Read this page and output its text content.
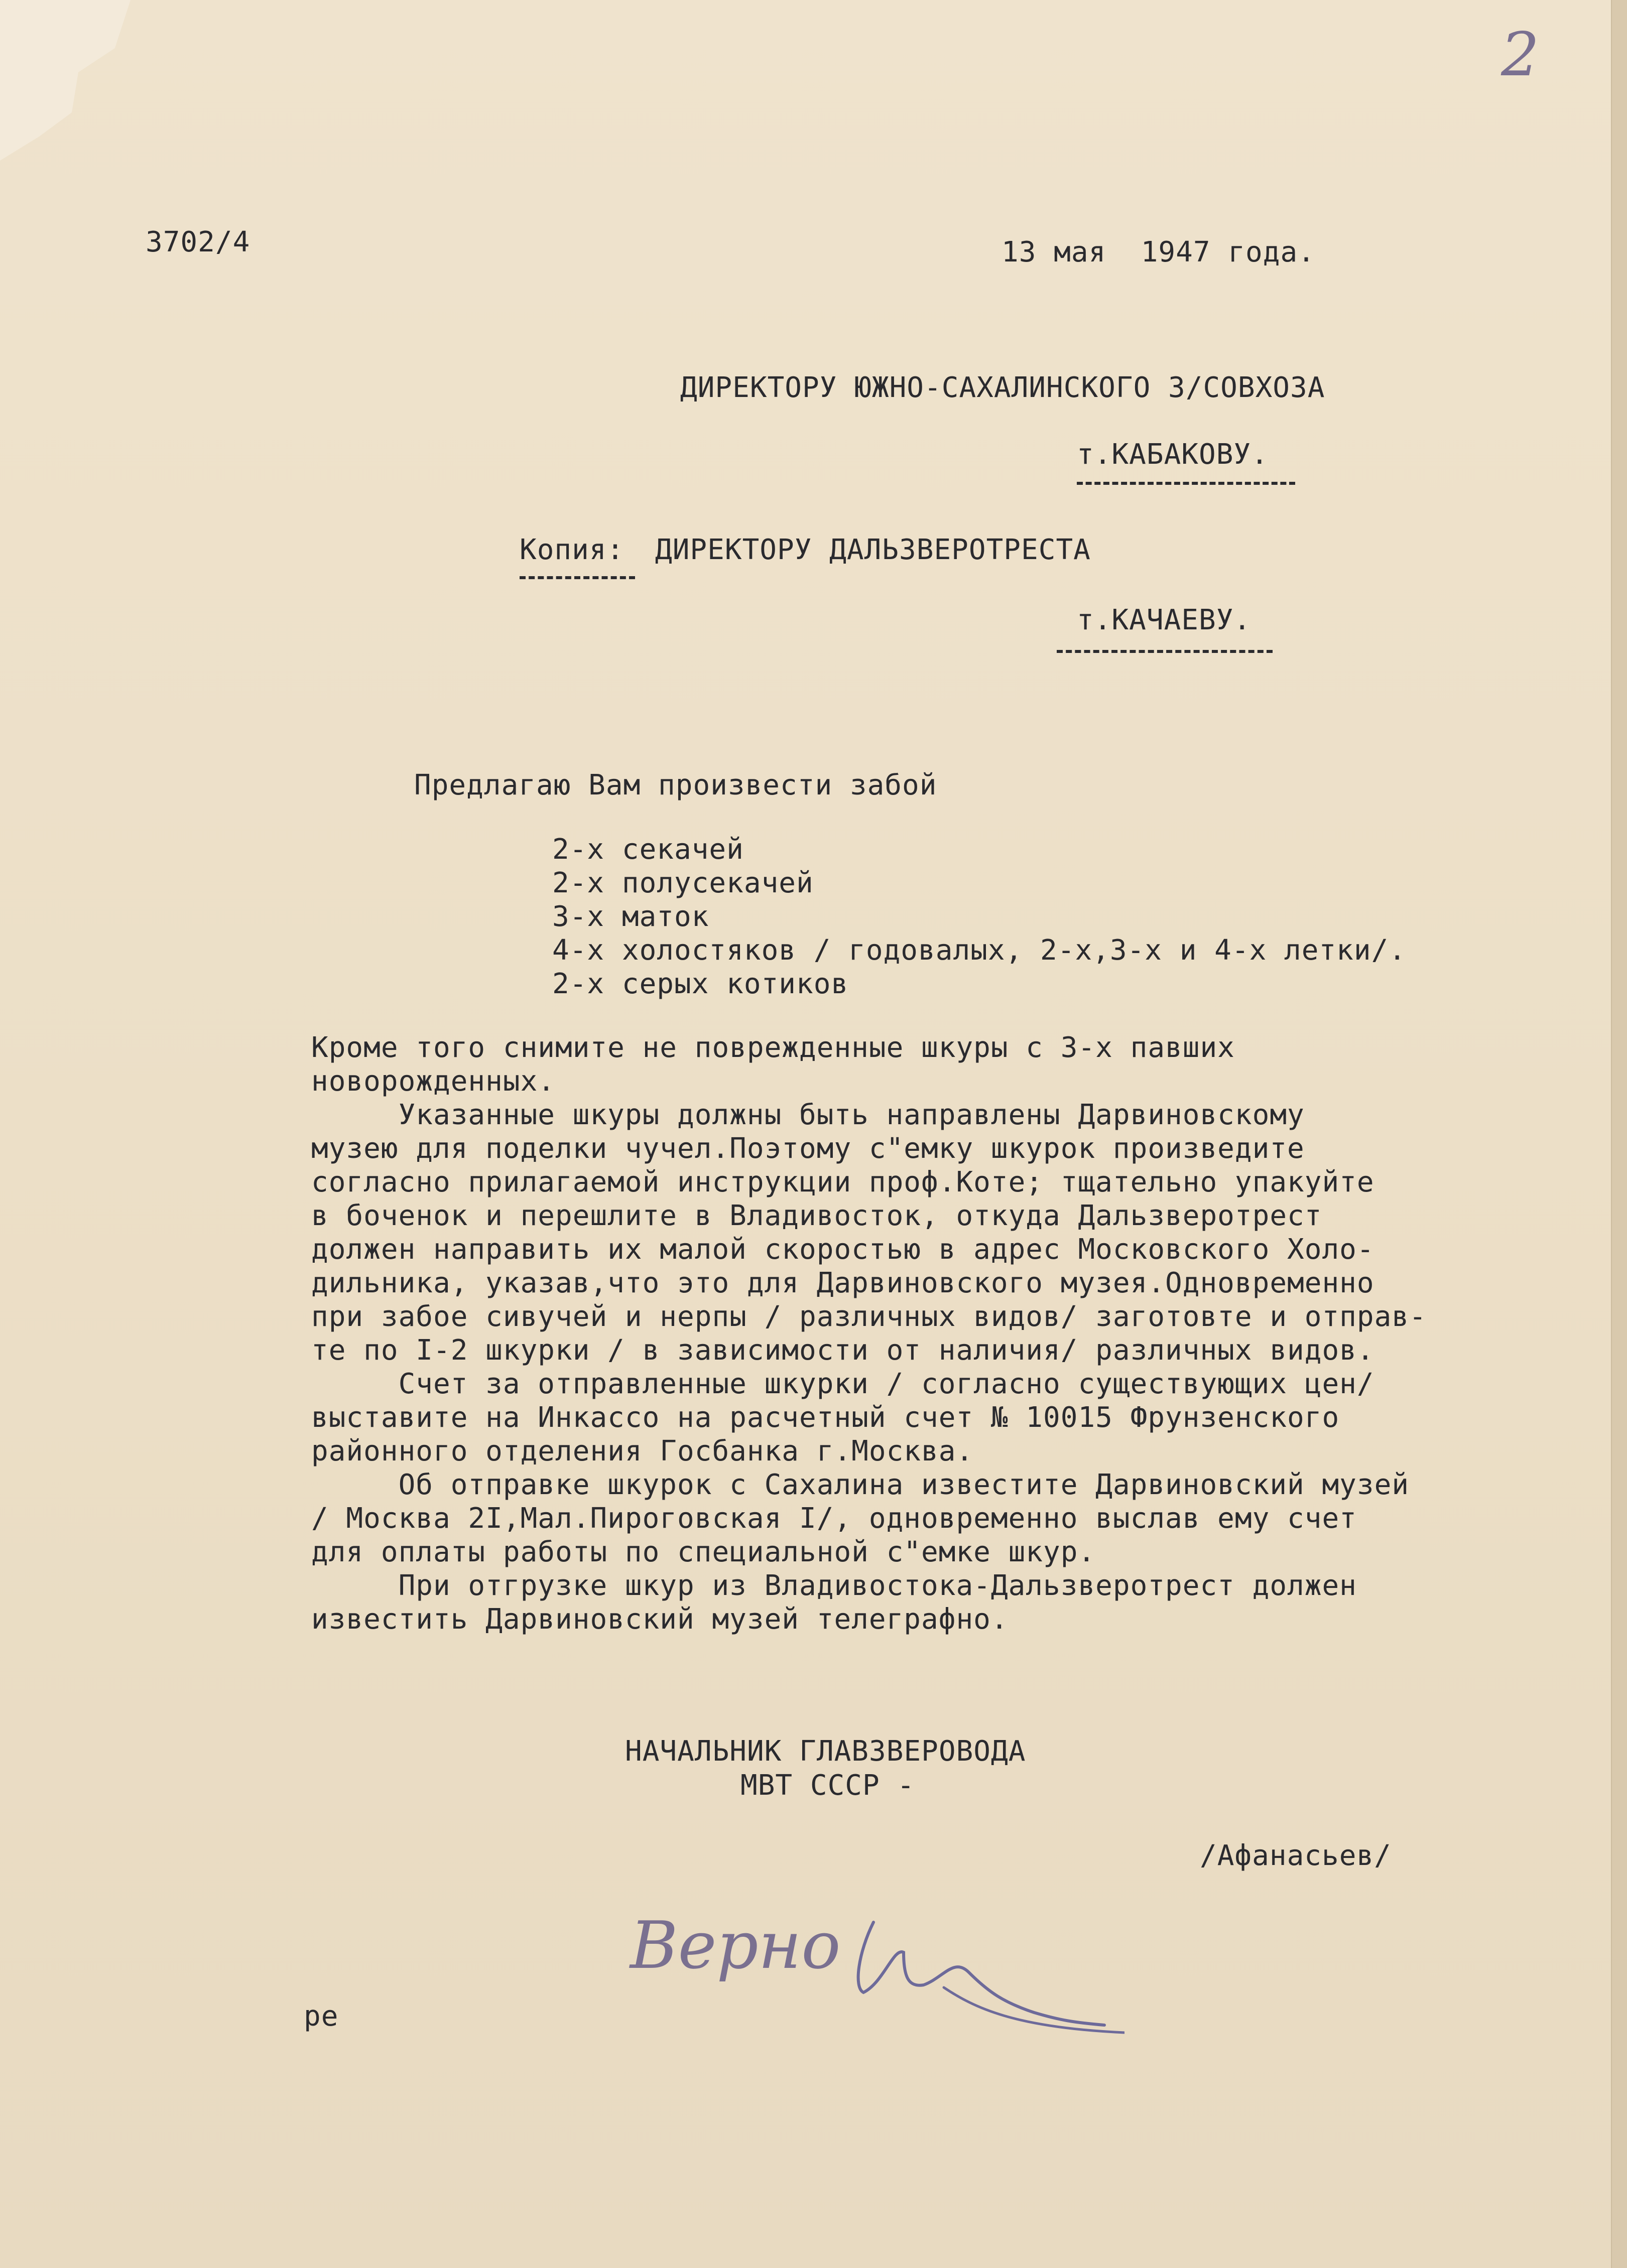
2
3702/4	13 мая  1947 года.
ДИРЕКТОРУ ЮЖНО-САХАЛИНСКОГО З/СОВХОЗА
т.КАБАКОВУ.
Копия: ДИРЕКТОРУ ДАЛЬЗВЕРОТРЕСТА
т.КАЧАЕВУ.
Предлагаю Вам произвести забой
2-х секачей
2-х полусекачей
3-х маток
4-х холостяков / годовалых, 2-х,3-х и 4-х летки/.
2-х серых котиков
Кроме того снимите не поврежденные шкуры с 3-х павших
новорожденных.
Указанные шкуры должны быть направлены Дарвиновскому
музею для поделки чучел.Поэтому с"емку шкурок произведите
согласно прилагаемой инструкции проф.Коте; тщательно упакуйте
в боченок и перешлите в Владивосток, откуда Дальзверотрест
должен направить их малой скоростью в адрес Московского Холо-
дильника, указав,что это для Дарвиновского музея.Одновременно
при забое сивучей и нерпы / различных видов/ заготовте и отправ-
те по I-2 шкурки / в зависимости от наличия/ различных видов.
Счет за отправленные шкурки / согласно существующих цен/
выставите на Инкассо на расчетный счет № 10015 Фрунзенского
районного отделения Госбанка г.Москва.
Об отправке шкурок с Сахалина известите Дарвиновский музей
/ Москва 2I,Мал.Пироговская I/, одновременно выслав ему счет
для оплаты работы по специальной с"емке шкур.
При отгрузке шкур из Владивостока-Дальзверотрест должен
известить Дарвиновский музей телеграфно.
НАЧАЛЬНИК ГЛАВЗВЕРОВОДА
МВТ СССР -
/Афанасьев/
Верно
ре
